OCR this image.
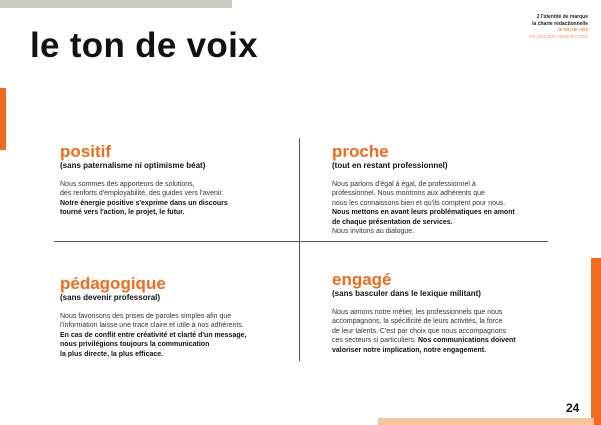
le ton de voix
2 l'identité de marque
la charte rédactionnelle
→le ton de voix
les principes rédactionnels
positif
(sans paternalisme ni optimisme béat)

Nous sommes des apporteurs de solutions,
des renforts d'employabilité, des guides vers l'avenir.
Notre énergie positive s'exprime dans un discours
tourné vers l'action, le projet, le futur.

proche
(tout en restant professionnel)

Nous parlons d'égal à égal, de professionnel à
professionnel. Nous montrons aux adhérents que
nous les connaissons bien et qu'ils comptent pour nous.
Nous mettons en avant leurs problématiques en amont
de chaque présentation de services.
Nous invitons au dialogue.

pédagogique
(sans devenir professoral)

Nous favorisons des prises de paroles simples afin que
l'information laisse une trace claire et utile à nos adhérents.
En cas de conflit entre créativité et clarté d'un message,
nous privilégions toujours la communication
la plus directe, la plus efficace.

engagé
(sans basculer dans le lexique militant)

Nous aimons notre métier, les professionnels que nous
accompagnons, la spécificité de leurs activités, la force
de leur talents. C'est par choix que nous accompagnons
ces secteurs si particuliers. Nos communications doivent
valoriser notre implication, notre engagement.

24
